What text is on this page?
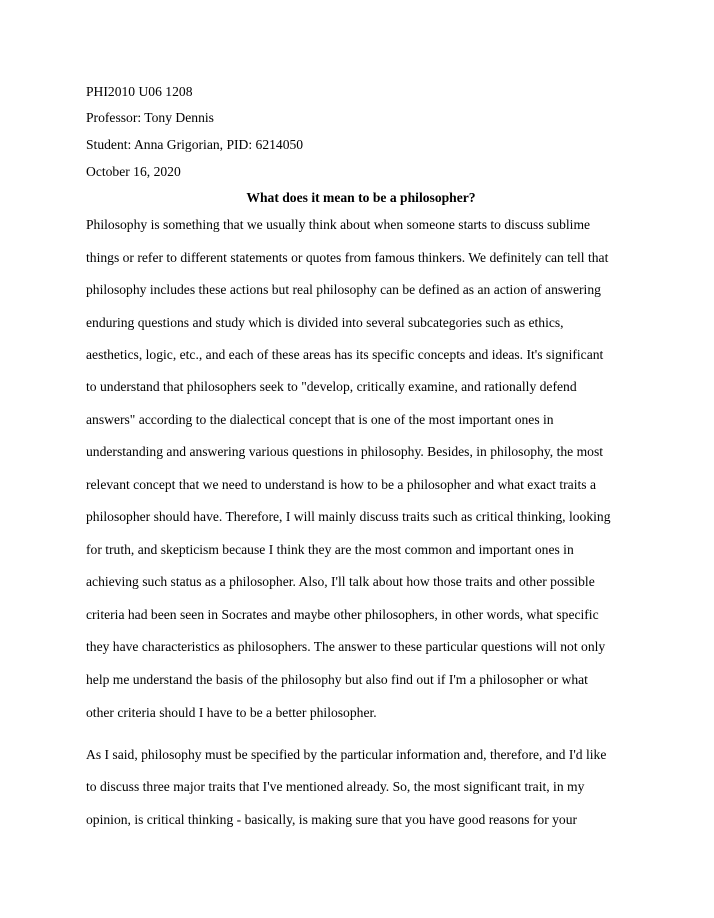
PHI2010 U06 1208
Professor: Tony Dennis
Student: Anna Grigorian, PID: 6214050
October 16, 2020
What does it mean to be a philosopher?
Philosophy is something that we usually think about when someone starts to discuss sublime
things or refer to different statements or quotes from famous thinkers. We definitely can tell that
philosophy includes these actions but real philosophy can be defined as an action of answering
enduring questions and study which is divided into several subcategories such as ethics,
aesthetics, logic, etc., and each of these areas has its specific concepts and ideas. It's significant
to understand that philosophers seek to "develop, critically examine, and rationally defend
answers" according to the dialectical concept that is one of the most important ones in
understanding and answering various questions in philosophy. Besides, in philosophy, the most
relevant concept that we need to understand is how to be a philosopher and what exact traits a
philosopher should have. Therefore, I will mainly discuss traits such as critical thinking, looking
for truth, and skepticism because I think they are the most common and important ones in
achieving such status as a philosopher. Also, I'll talk about how those traits and other possible
criteria had been seen in Socrates and maybe other philosophers, in other words, what specific
they have characteristics as philosophers. The answer to these particular questions will not only
help me understand the basis of the philosophy but also find out if I'm a philosopher or what
other criteria should I have to be a better philosopher.
As I said, philosophy must be specified by the particular information and, therefore, and I'd like
to discuss three major traits that I've mentioned already. So, the most significant trait, in my
opinion, is critical thinking - basically, is making sure that you have good reasons for your
